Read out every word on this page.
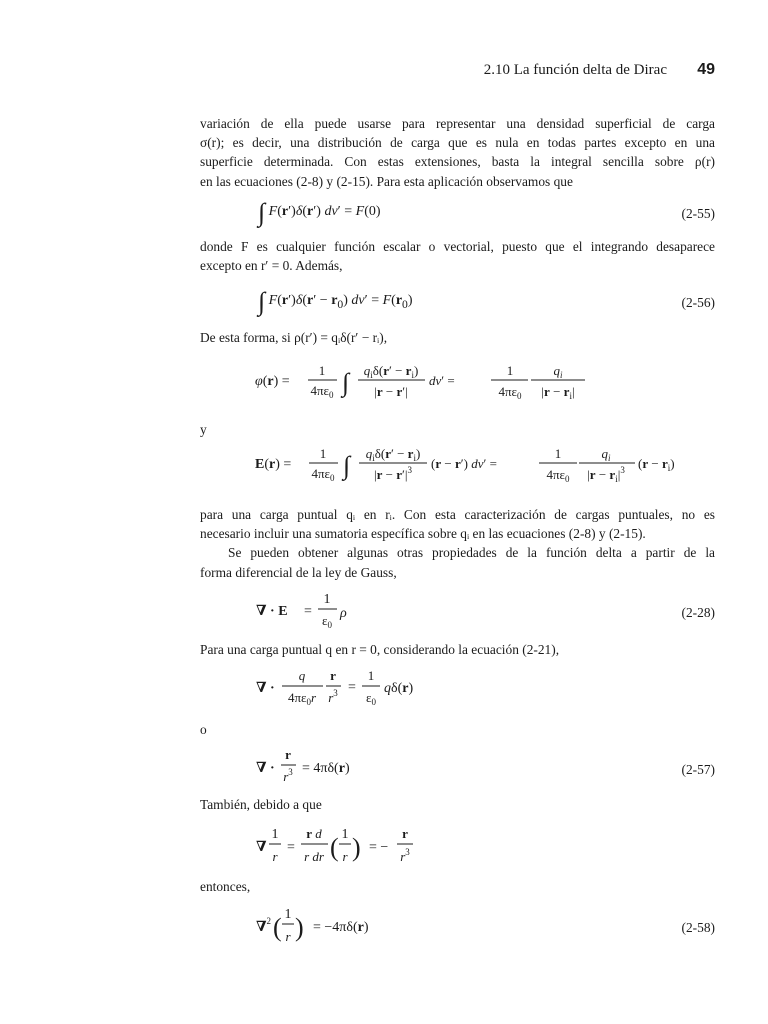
2.10 La función delta de Dirac 49
variación de ella puede usarse para representar una densidad superficial de carga
σ(r); es decir, una distribución de carga que es nula en todas partes excepto en una
superficie determinada. Con estas extensiones, basta la integral sencilla sobre ρ(r)
en las ecuaciones (2-8) y (2-15). Para esta aplicación observamos que
∫ F(r′)δ(r′) dv′ = F(0)	(2-55)
donde F es cualquier función escalar o vectorial, puesto que el integrando desaparece
excepto en r′ = 0. Además,
∫ $F(r')\delta(r' - r_0)$ $dv' = F(r_0)$	(2-56)
De esta forma, si ρ(r′) = qᵢδ(r′ − rᵢ),
φ(r) =
1
$4\pi\varepsilon_0$ ∫ $q_i\delta(r' - r_i)$
|r − r′|
dv′ =
1
$4\pi\varepsilon_0$
$q_i$
$|r - r_i|$
y
E(r) =
1
$4\pi\varepsilon_0$ ∫ $q_i\delta(r' - r_i)$
$|r - r'|^3$ (r − r′) dv′ =
1
$4\pi\varepsilon_0$
$q_i$
$|r - r_i|^3$ $(r - r_i)$
para una carga puntual qᵢ en rᵢ. Con esta caracterización de cargas puntuales, no es
necesario incluir una sumatoria específica sobre qᵢ en las ecuaciones (2-8) y (2-15).
Se pueden obtener algunas otras propiedades de la función delta a partir de la
forma diferencial de la ley de Gauss,
∇ · E =
1
$\varepsilon_0$
ρ	(2-28)
Para una carga puntual q en r = 0, considerando la ecuación (2-21),
∇ ·
q
$4\pi\varepsilon_0r$
r
$r^3$ =
1
$\varepsilon_0$
qδ(r)
o
∇ ·
r
$r^3 = 4\pi\delta(r)$	(2-57)
También, debido a que
∇
1
r
=
r d
r dr ( 1
r ) = −
r
$r^3$
entonces,
∇$^2$ ( 1
r ) = −4πδ(r)	(2-58)
